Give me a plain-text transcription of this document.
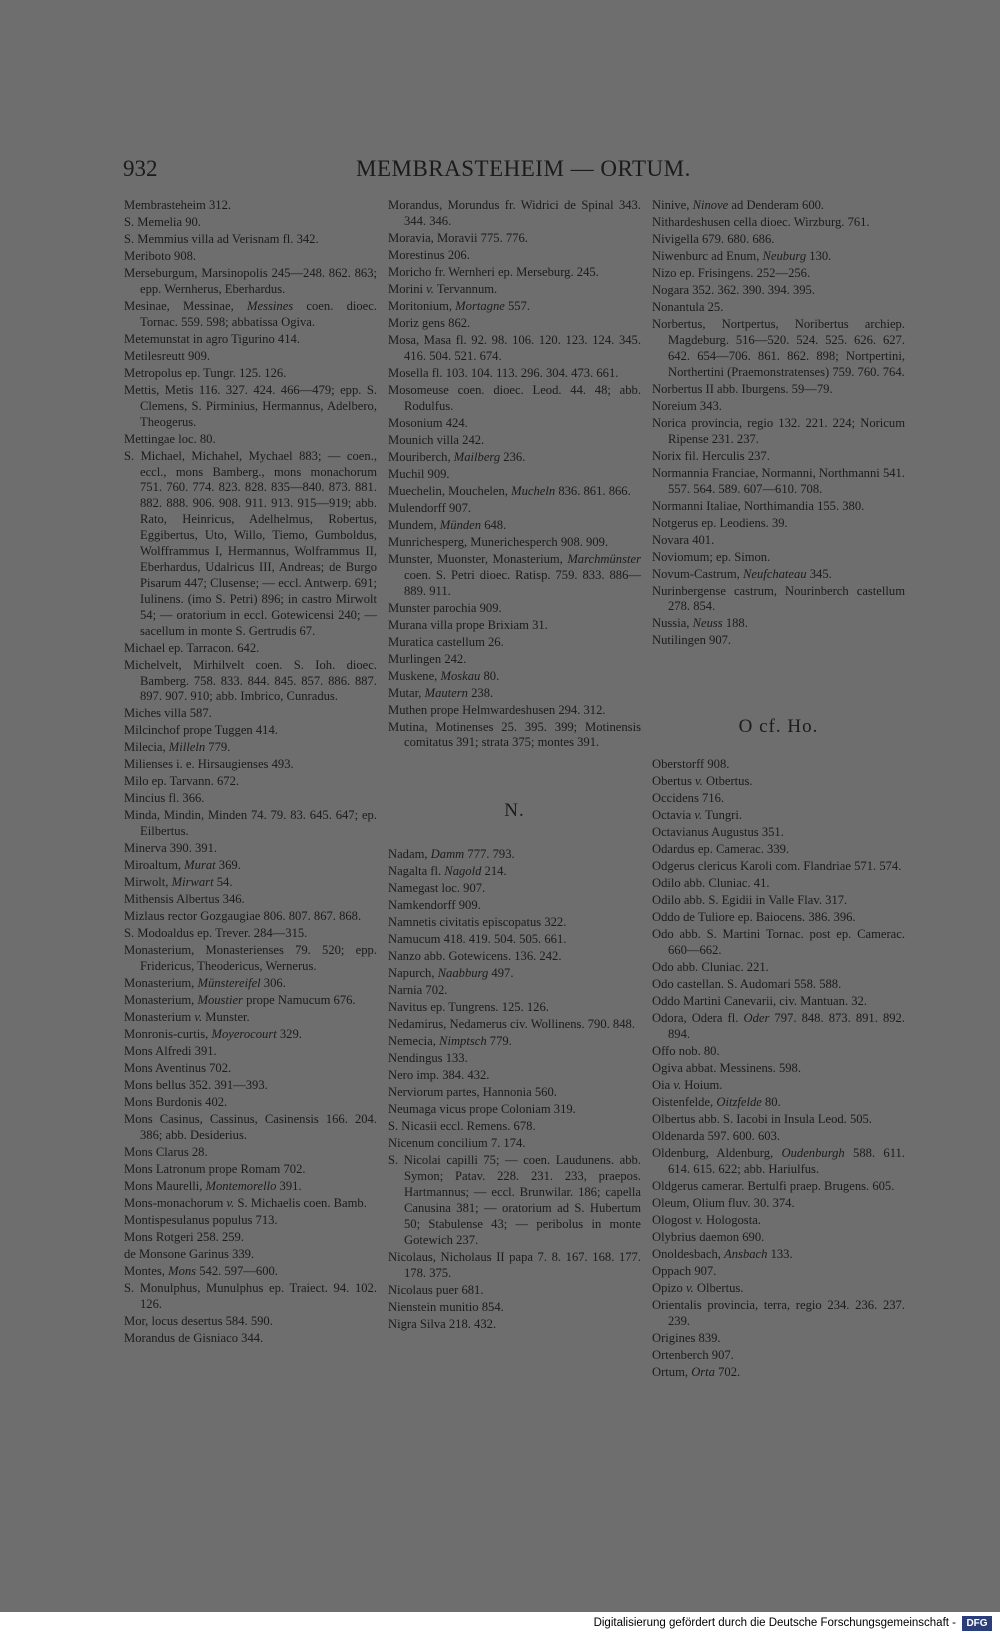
932	MEMBRASTEHEIM — ORTUM.
Membrasteheim 312.
S. Memelia 90.
S. Memmius villa ad Verisnam fl. 342.
Meriboto 908.
Merseburgum, Marsinopolis 245—248. 862. 863; epp. Wernherus, Eberhardus.
Mesinae, Messinae, Messines coen. dioec. Tornac. 559. 598; abbatissa Ogiva.
Metemunstat in agro Tigurino 414.
Metilesreutt 909.
Metropolus ep. Tungr. 125. 126.
Mettis, Metis 116. 327. 424. 466—479; epp. S. Clemens, S. Pirminius, Hermannus, Adelbero, Theogerus.
Mettingae loc. 80.
S. Michael, Michahel, Mychael 883; — coen., eccl., mons Bamberg., mons monachorum 751. 760. 774. 823. 828. 835—840. 873. 881. 882. 888. 906. 908. 911. 913. 915—919; abb. Rato, Heinricus, Adelhelmus, Robertus, Eggibertus, Uto, Willo, Tiemo, Gumboldus, Wolfframmus I, Hermannus, Wolframmus II, Eberhardus, Udalricus III, Andreas; de Burgo Pisarum 447; Clusense; — eccl. Antwerp. 691; Iulinens. (imo S. Petri) 896; in castro Mirwolt 54; — oratorium in eccl. Gotewicensi 240; — sacellum in monte S. Gertrudis 67.
Michael ep. Tarracon. 642.
Michelvelt, Mirhilvelt coen. S. Ioh. dioec. Bamberg. 758. 833. 844. 845. 857. 886. 887. 897. 907. 910; abb. Imbrico, Cunradus.
Miches villa 587.
Milcinchof prope Tuggen 414.
Milecia, Milleln 779.
Milienses i. e. Hirsaugienses 493.
Milo ep. Tarvann. 672.
Mincius fl. 366.
Minda, Mindin, Minden 74. 79. 83. 645. 647; ep. Eilbertus.
Minerva 390. 391.
Miroaltum, Murat 369.
Mirwolt, Mirwart 54.
Mithensis Albertus 346.
Mizlaus rector Gozgaugiae 806. 807. 867. 868.
S. Modoaldus ep. Trever. 284—315.
Monasterium, Monasterienses 79. 520; epp. Fridericus, Theodericus, Wernerus.
Monasterium, Münstereifel 306.
Monasterium, Moustier prope Namucum 676.
Monasterium v. Munster.
Monronis-curtis, Moyerocourt 329.
Mons Alfredi 391.
Mons Aventinus 702.
Mons bellus 352. 391—393.
Mons Burdonis 402.
Mons Casinus, Cassinus, Casinensis 166. 204. 386; abb. Desiderius.
Mons Clarus 28.
Mons Latronum prope Romam 702.
Mons Maurelli, Montemorello 391.
Mons-monachorum v. S. Michaelis coen. Bamb.
Montispesulanus populus 713.
Mons Rotgeri 258. 259.
de Monsone Garinus 339.
Montes, Mons 542. 597—600.
S. Monulphus, Munulphus ep. Traiect. 94. 102. 126.
Mor, locus desertus 584. 590.
Morandus de Gisniaco 344.
Morandus, Morundus fr. Widrici de Spinal 343. 344. 346.
Moravia, Moravii 775. 776.
Morestinus 206.
Moricho fr. Wernheri ep. Merseburg. 245.
Morini v. Tervannum.
Moritonium, Mortagne 557.
Moriz gens 862.
Mosa, Masa fl. 92. 98. 106. 120. 123. 124. 345. 416. 504. 521. 674.
Mosella fl. 103. 104. 113. 296. 304. 473. 661.
Mosomeuse coen. dioec. Leod. 44. 48; abb. Rodulfus.
Mosonium 424.
Mounich villa 242.
Mouriberch, Mailberg 236.
Muchil 909.
Muechelin, Mouchelen, Mucheln 836. 861. 866.
Mulendorff 907.
Mundem, Münden 648.
Munrichesperg, Munerichesperch 908. 909.
Munster, Muonster, Monasterium, Marchmünster coen. S. Petri dioec. Ratisp. 759. 833. 886—889. 911.
Munster parochia 909.
Murana villa prope Brixiam 31.
Muratica castellum 26.
Murlingen 242.
Muskene, Moskau 80.
Mutar, Mautern 238.
Muthen prope Helmwardeshusen 294. 312.
Mutina, Motinenses 25. 395. 399; Motinensis comitatus 391; strata 375; montes 391.
N.
Nadam, Damm 777. 793.
Nagalta fl. Nagold 214.
Namegast loc. 907.
Namkendorff 909.
Namnetis civitatis episcopatus 322.
Namucum 418. 419. 504. 505. 661.
Nanzo abb. Gotewicens. 136. 242.
Napurch, Naabburg 497.
Narnia 702.
Navitus ep. Tungrens. 125. 126.
Nedamirus, Nedamerus civ. Wollinens. 790. 848.
Nemecia, Nimptsch 779.
Nendingus 133.
Nero imp. 384. 432.
Nerviorum partes, Hannonia 560.
Neumaga vicus prope Coloniam 319.
S. Nicasii eccl. Remens. 678.
Nicenum concilium 7. 174.
S. Nicolai capilli 75; — coen. Laudunens. abb. Symon; Patav. 228. 231. 233, praepos. Hartmannus; — eccl. Brunwilar. 186; capella Canusina 381; — oratorium ad S. Hubertum 50; Stabulense 43; — peribolus in monte Gotewich 237.
Nicolaus, Nicholaus II papa 7. 8. 167. 168. 177. 178. 375.
Nicolaus puer 681.
Nienstein munitio 854.
Nigra Silva 218. 432.
Ninive, Ninove ad Denderam 600.
Nithardeshusen cella dioec. Wirzburg. 761.
Nivigella 679. 680. 686.
Niwenburc ad Enum, Neuburg 130.
Nizo ep. Frisingens. 252—256.
Nogara 352. 362. 390. 394. 395.
Nonantula 25.
Norbertus, Nortpertus, Noribertus archiep. Magdeburg. 516—520. 524. 525. 626. 627. 642. 654—706. 861. 862. 898; Nortpertini, Northertini (Praemonstratenses) 759. 760. 764.
Norbertus II abb. Iburgens. 59—79.
Noreium 343.
Norica provincia, regio 132. 221. 224; Noricum Ripense 231. 237.
Norix fil. Herculis 237.
Normannia Franciae, Normanni, Northmanni 541. 557. 564. 589. 607—610. 708.
Normanni Italiae, Northimandia 155. 380.
Notgerus ep. Leodiens. 39.
Novara 401.
Noviomum; ep. Simon.
Novum-Castrum, Neufchateau 345.
Nurinbergense castrum, Nourinberch castellum 278. 854.
Nussia, Neuss 188.
Nutilingen 907.
O cf. Ho.
Oberstorff 908.
Obertus v. Otbertus.
Occidens 716.
Octavia v. Tungri.
Octavianus Augustus 351.
Odardus ep. Camerac. 339.
Odgerus clericus Karoli com. Flandriae 571. 574.
Odilo abb. Cluniac. 41.
Odilo abb. S. Egidii in Valle Flav. 317.
Oddo de Tuliore ep. Baiocens. 386. 396.
Odo abb. S. Martini Tornac. post ep. Camerac. 660—662.
Odo abb. Cluniac. 221.
Odo castellan. S. Audomari 558. 588.
Oddo Martini Canevarii, civ. Mantuan. 32.
Odora, Odera fl. Oder 797. 848. 873. 891. 892. 894.
Offo nob. 80.
Ogiva abbat. Messinens. 598.
Oia v. Hoium.
Oistenfelde, Oitzfelde 80.
Olbertus abb. S. Iacobi in Insula Leod. 505.
Oldenarda 597. 600. 603.
Oldenburg, Aldenburg, Oudenburgh 588. 611. 614. 615. 622; abb. Hariulfus.
Oldgerus camerar. Bertulfi praep. Brugens. 605.
Oleum, Olium fluv. 30. 374.
Ologost v. Hologosta.
Olybrius daemon 690.
Onoldesbach, Ansbach 133.
Oppach 907.
Opizo v. Olbertus.
Orientalis provincia, terra, regio 234. 236. 237. 239.
Origines 839.
Ortenberch 907.
Ortum, Orta 702.
Digitalisierung gefördert durch die Deutsche Forschungsgemeinschaft -	DFG
